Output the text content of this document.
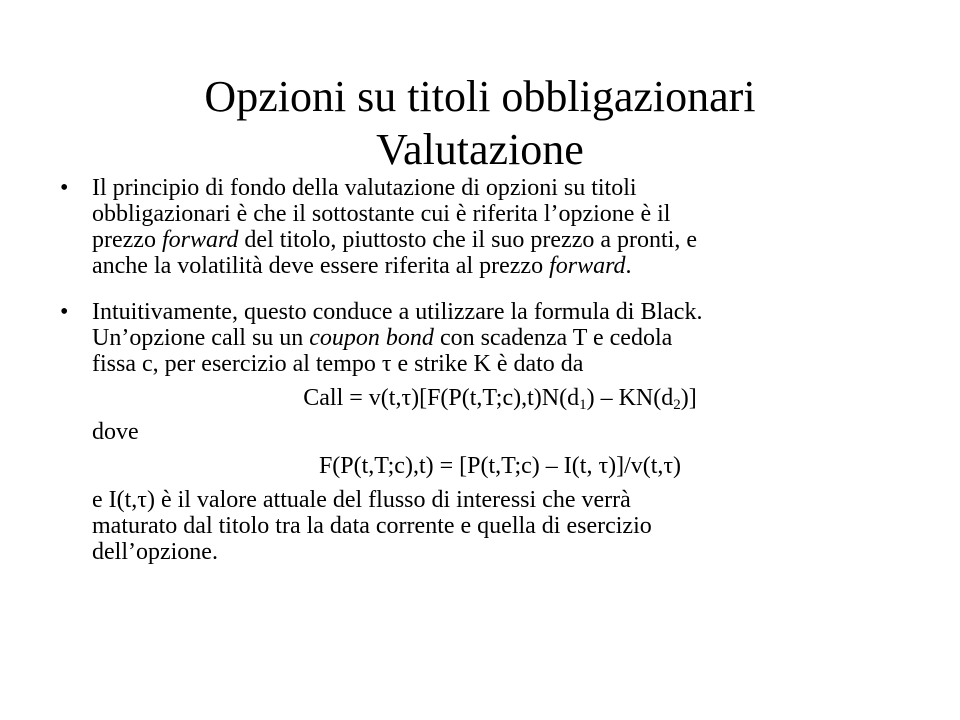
Opzioni su titoli obbligazionari
Valutazione
• Il principio di fondo della valutazione di opzioni su titoli
obbligazionari è che il sottostante cui è riferita l’opzione è il
prezzo forward del titolo, piuttosto che il suo prezzo a pronti, e
anche la volatilità deve essere riferita al prezzo forward.
• Intuitivamente, questo conduce a utilizzare la formula di Black.
Un’opzione call su un coupon bond con scadenza T e cedola
fissa c, per esercizio al tempo τ e strike K è dato da
Call = $v(t,\tau)[F(P(t,T;c),t)N(d_1) - KN(d_2)]$
dove
F(P(t,T;c),t) = [P(t,T;c) – I(t, τ)]/v(t,τ)
e I(t,τ) è il valore attuale del flusso di interessi che verrà
maturato dal titolo tra la data corrente e quella di esercizio
dell’opzione.
